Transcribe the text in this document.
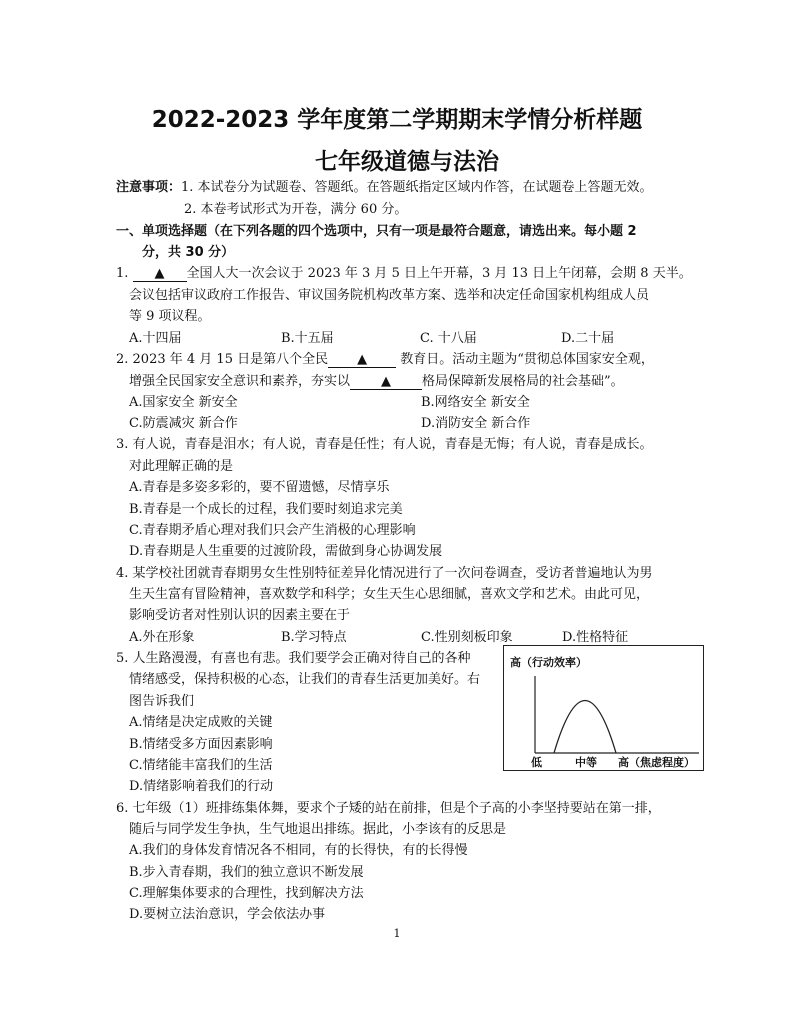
2022-2023 学年度第二学期期末学情分析样题
七年级道德与法治
注意事项：1. 本试卷分为试题卷、答题纸。在答题纸指定区域内作答，在试题卷上答题无效。
2. 本卷考试形式为开卷，满分 60 分。
一、单项选择题（在下列各题的四个选项中，只有一项是最符合题意，请选出来。每小题 2
分，共 30 分）
1. ▲ 全国人大一次会议于 2023 年 3 月 5 日上午开幕，3 月 13 日上午闭幕，会期 8 天半。
会议包括审议政府工作报告、审议国务院机构改革方案、选举和决定任命国家机构组成人员
等 9 项议程。
A.十四届	B.十五届	C. 十八届	D.二十届
2. 2023 年 4 月 15 日是第八个全民 ▲	教育日。活动主题为“贯彻总体国家安全观，
增强全民国家安全意识和素养，夯实以 ▲ 格局保障新发展格局的社会基础”。
A.国家安全 新安全	B.网络安全 新安全
C.防震减灾 新合作	D.消防安全 新合作
3. 有人说，青春是泪水；有人说，青春是任性；有人说，青春是无悔；有人说，青春是成长。
对此理解正确的是
A.青春是多姿多彩的，要不留遗憾，尽情享乐
B.青春是一个成长的过程，我们要时刻追求完美
C.青春期矛盾心理对我们只会产生消极的心理影响
D.青春期是人生重要的过渡阶段，需做到身心协调发展
4. 某学校社团就青春期男女生性别特征差异化情况进行了一次问卷调查，受访者普遍地认为男
生天生富有冒险精神，喜欢数学和科学；女生天生心思细腻，喜欢文学和艺术。由此可见，
影响受访者对性别认识的因素主要在于
A.外在形象	B.学习特点	C.性别刻板印象	D.性格特征
5. 人生路漫漫，有喜也有悲。我们要学会正确对待自己的各种
情绪感受，保持积极的心态，让我们的青春生活更加美好。右
图告诉我们
A.情绪是决定成败的关键
B.情绪受多方面因素影响
C.情绪能丰富我们的生活
D.情绪影响着我们的行动
高（行动效率）
低	中等 高（焦虑程度）
6. 七年级（1）班排练集体舞，要求个子矮的站在前排，但是个子高的小李坚持要站在第一排，
随后与同学发生争执，生气地退出排练。据此，小李该有的反思是
A.我们的身体发育情况各不相同，有的长得快，有的长得慢
B.步入青春期，我们的独立意识不断发展
C.理解集体要求的合理性，找到解决方法
D.要树立法治意识，学会依法办事
1
